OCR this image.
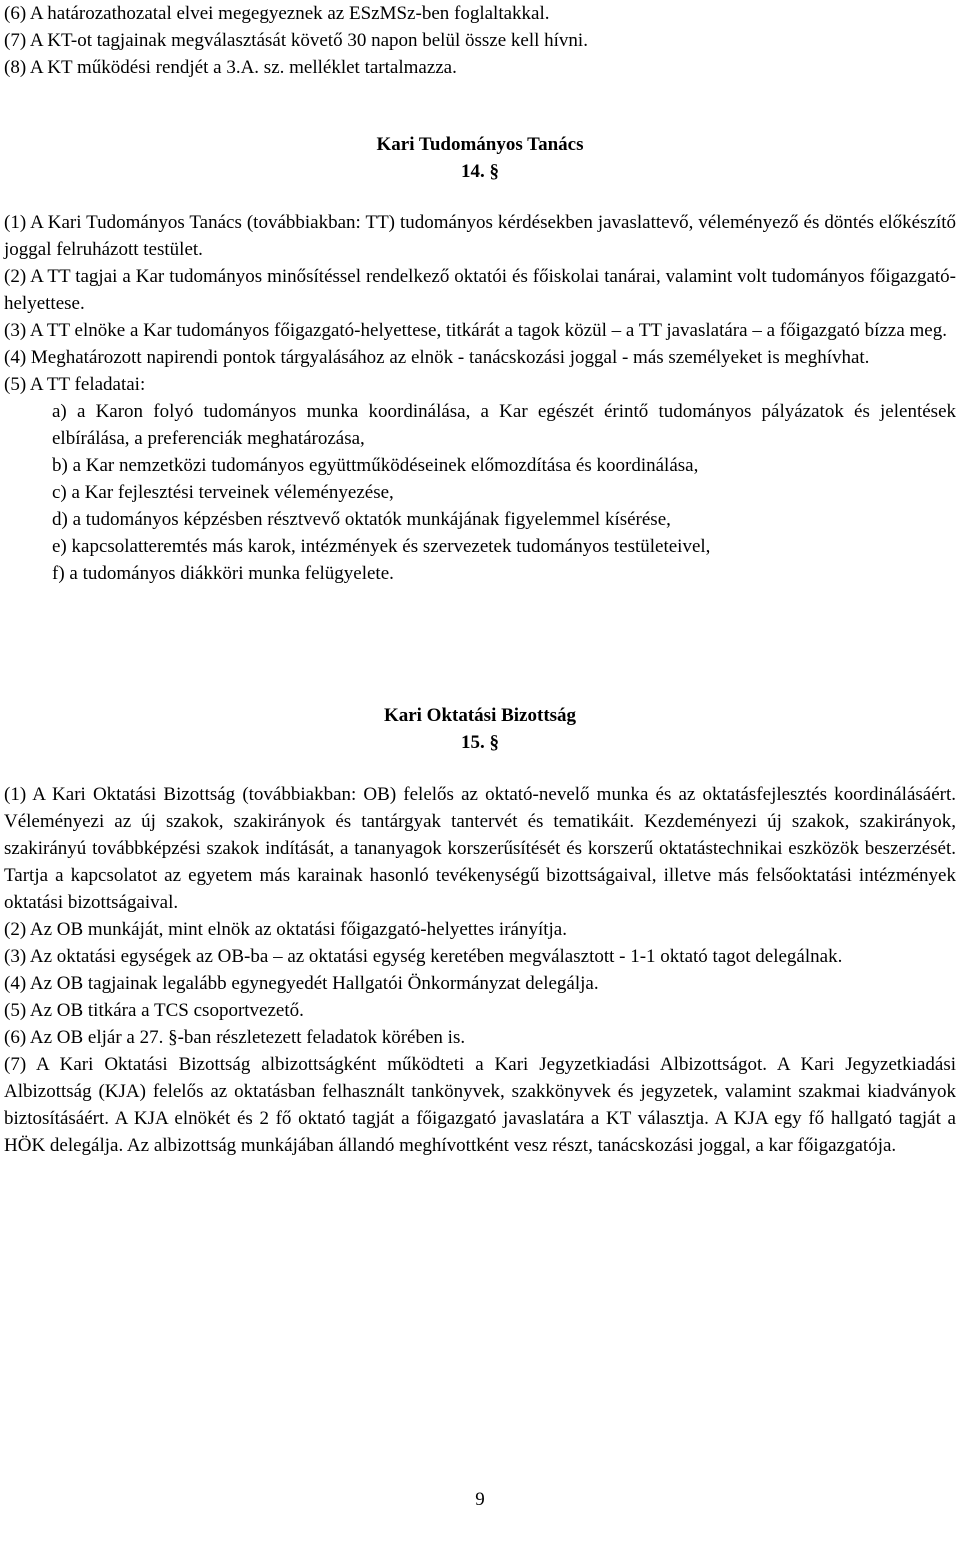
(6) A határozathozatal elvei megegyeznek az ESzMSz-ben foglaltakkal.
(7) A KT-ot tagjainak megválasztását követő 30 napon belül össze kell hívni.
(8) A KT működési rendjét a 3.A. sz. melléklet tartalmazza.
Kari Tudományos Tanács
14. §

(1) A Kari Tudományos Tanács (továbbiakban: TT) tudományos kérdésekben javaslattevő, véleményező és döntés előkészítő joggal felruházott testület.

(2) A TT tagjai a Kar tudományos minősítéssel rendelkező oktatói és főiskolai tanárai, valamint volt tudományos főigazgató-helyettese.

(3) A TT elnöke a Kar tudományos főigazgató-helyettese, titkárát a tagok közül – a TT javaslatára – a főigazgató bízza meg.

(4) Meghatározott napirendi pontok tárgyalásához az elnök - tanácskozási joggal - más személyeket is meghívhat.

(5) A TT feladatai:

a) a Karon folyó tudományos munka koordinálása, a Kar egészét érintő tudományos pályázatok és jelentések elbírálása, a preferenciák meghatározása,

b) a Kar nemzetközi tudományos együttműködéseinek előmozdítása és koordinálása,

c) a Kar fejlesztési terveinek véleményezése,

d) a tudományos képzésben résztvevő oktatók munkájának figyelemmel kísérése,

e) kapcsolatteremtés más karok, intézmények és szervezetek tudományos testületeivel,

f) a tudományos diákköri munka felügyelete.

Kari Oktatási Bizottság
15. §

(1) A Kari Oktatási Bizottság (továbbiakban: OB) felelős az oktató-nevelő munka és az oktatásfejlesztés koordinálásáért. Véleményezi az új szakok, szakirányok és tantárgyak tantervét és tematikáit. Kezdeményezi új szakok, szakirányok, szakirányú továbbképzési szakok indítását, a tananyagok korszerűsítését és korszerű oktatástechnikai eszközök beszerzését. Tartja a kapcsolatot az egyetem más karainak hasonló tevékenységű bizottságaival, illetve más felsőoktatási intézmények oktatási bizottságaival.

(2) Az OB munkáját, mint elnök az oktatási főigazgató-helyettes irányítja.

(3) Az oktatási egységek az OB-ba – az oktatási egység keretében megválasztott - 1-1 oktató tagot delegálnak.

(4) Az OB tagjainak legalább egynegyedét Hallgatói Önkormányzat delegálja.

(5) Az OB titkára a TCS csoportvezető.

(6) Az OB eljár a 27. §-ban részletezett feladatok körében is.

(7) A Kari Oktatási Bizottság albizottságként működteti a Kari Jegyzetkiadási Albizottságot. A Kari Jegyzetkiadási Albizottság (KJA) felelős az oktatásban felhasznált tankönyvek, szakkönyvek és jegyzetek, valamint szakmai kiadványok biztosításáért. A KJA elnökét és 2 fő oktató tagját a főigazgató javaslatára a KT választja. A KJA egy fő hallgató tagját a HÖK delegálja. Az albizottság munkájában állandó meghívottként vesz részt, tanácskozási joggal, a kar főigazgatója.

9
